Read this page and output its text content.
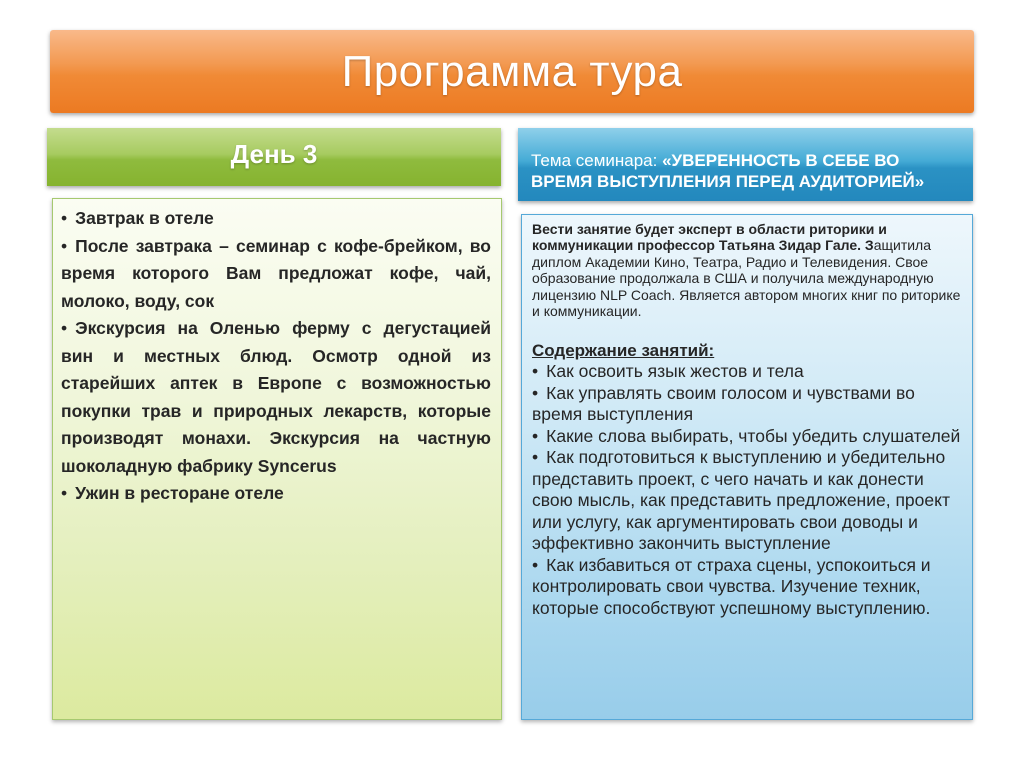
Программа тура
День 3	Тема семинара: «УВЕРЕННОСТЬ В СЕБЕ ВО ВРЕМЯ ВЫСТУПЛЕНИЯ ПЕРЕД АУДИТОРИЕЙ»
• Завтрак в отеле
• После завтрака – семинар с кофе-брейком, во время которого Вам предложат кофе, чай, молоко, воду, сок
• Экскурсия на Оленью ферму с дегустацией вин и местных блюд. Осмотр одной из старейших аптек в Европе с возможностью покупки трав и природных лекарств, которые производят монахи. Экскурсия на частную шоколадную фабрику Syncerus
• Ужин в ресторане отеле
Вести занятие будет эксперт в области риторики и коммуникации профессор Татьяна Зидар Гале. Защитила диплом Академии Кино, Театра, Радио и Телевидения. Свое образование продолжала в США и получила международную лицензию NLP Coach. Является автором многих книг по риторике и коммуникации.
Содержание занятий:
• Как освоить язык жестов и тела
• Как управлять своим голосом и чувствами во время выступления
• Какие слова выбирать, чтобы убедить слушателей
• Как подготовиться к выступлению и убедительно представить проект, с чего начать и как донести свою мысль, как представить предложение, проект или услугу, как аргументировать свои доводы и эффективно закончить выступление
• Как избавиться от страха сцены, успокоиться и контролировать свои чувства. Изучение техник, которые способствуют успешному выступлению.
